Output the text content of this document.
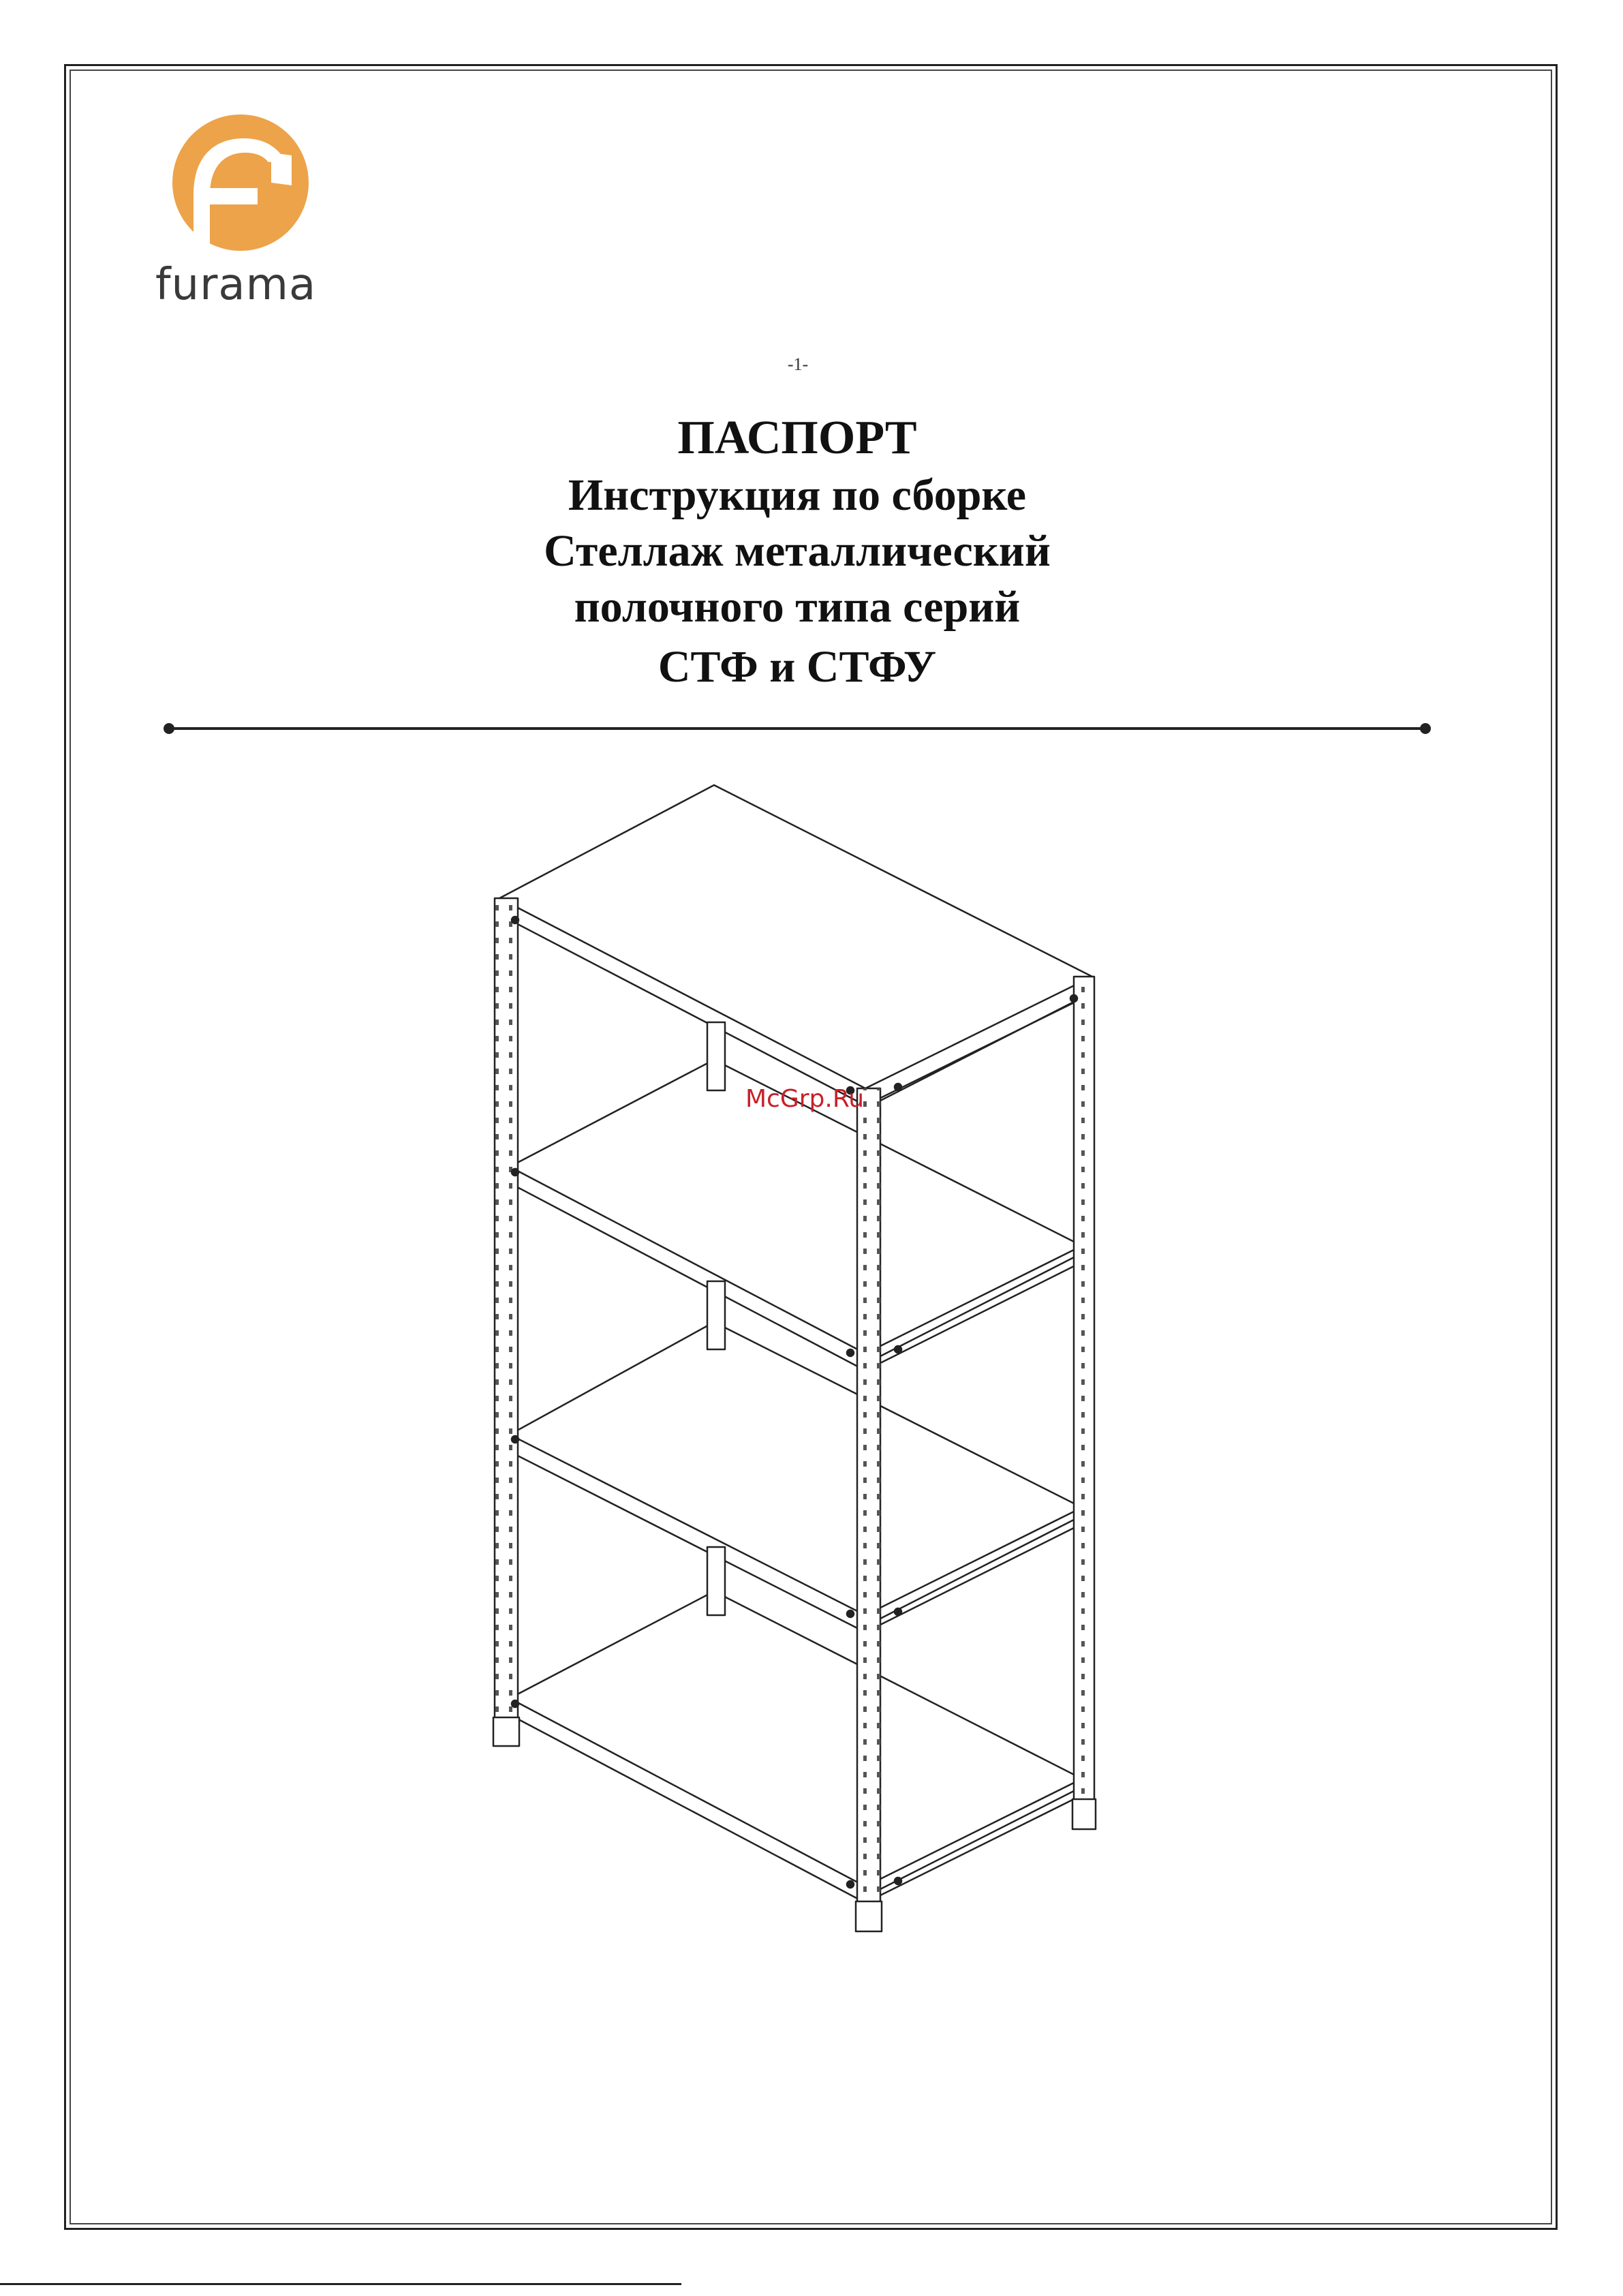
furama
-1-
ПАСПОРТ
Инструкция по сборке
Стеллаж металлический
полочного типа серий
СТФ и СТФУ
McGrp.Ru
